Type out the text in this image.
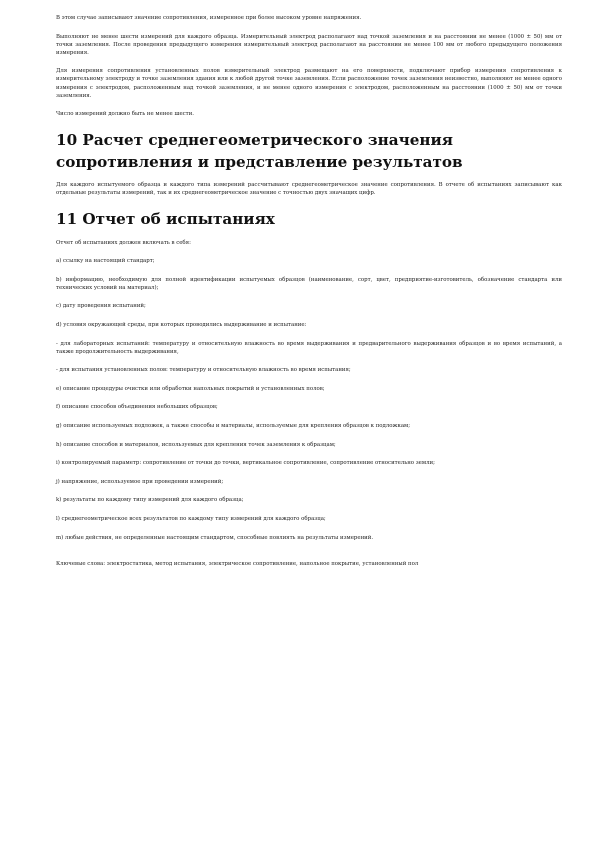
В этом случае записывают значение сопротивления, измеренное при более высоком уровне напряжения.

Выполняют не менее шести измерений для каждого образца. Измерительный электрод располагают над точкой заземления и на расстоянии не менее (1000 ± 50) мм от точки заземления. После проведения предыдущего измерения измерительный электрод располагают на расстоянии не менее 100 мм от любого предыдущего положения измерения.

Для измерения сопротивления установленных полов измерительный электрод размещают на его поверхности, подключают прибор измерения сопротивления к измерительному электроду и точке заземления здания или к любой другой точке заземления. Если расположение точек заземления неизвестно, выполняют не менее одного измерения с электродом, расположенным над точкой заземления, и не менее одного измерения с электродом, расположенным на расстоянии (1000 ± 50) мм от точки заземления.

Число измерений должно быть не менее шести.

10 Расчет среднегеометрического значения сопротивления и представление результатов

Для каждого испытуемого образца и каждого типа измерений рассчитывают среднегеометрическое значение сопротивления. В отчете об испытаниях записывают как отдельные результаты измерений, так и их среднегеометрическое значение с точностью двух значащих цифр.

11 Отчет об испытаниях

Отчет об испытаниях должен включать в себя:

a) ссылку на настоящий стандарт;

b) информацию, необходимую для полной идентификации испытуемых образцов (наименование, сорт, цвет, предприятие-изготовитель, обозначение стандарта или технических условий на материал);

c) дату проведения испытаний;

d) условия окружающей среды, при которых проводились выдерживание и испытание:

- для лабораторных испытаний: температуру и относительную влажность во время выдерживания и предварительного выдерживания образцов и во время испытаний, а также продолжительность выдерживания,

- для испытания установленных полов: температуру и относительную влажность во время испытания;

e) описание процедуры очистки или обработки напольных покрытий и установленных полов;

f) описание способов объединения небольших образцов;

g) описание используемых подложек, а также способы и материалы, используемые для крепления образцов к подложкам;

h) описание способов и материалов, используемых для крепления точек заземления к образцам;

i) контролируемый параметр: сопротивление от точки до точки, вертикальное сопротивление, сопротивление относительно земли;

j) напряжение, используемое при проведении измерений;

k) результаты по каждому типу измерений для каждого образца;

l) среднегеометрическое всех результатов по каждому типу измерений для каждого образца;

m) любые действия, не определенные настоящим стандартом, способные повлиять на результаты измерений.

Ключевые слова: электростатика, метод испытания, электрическое сопротивление, напольное покрытие, установленный пол
